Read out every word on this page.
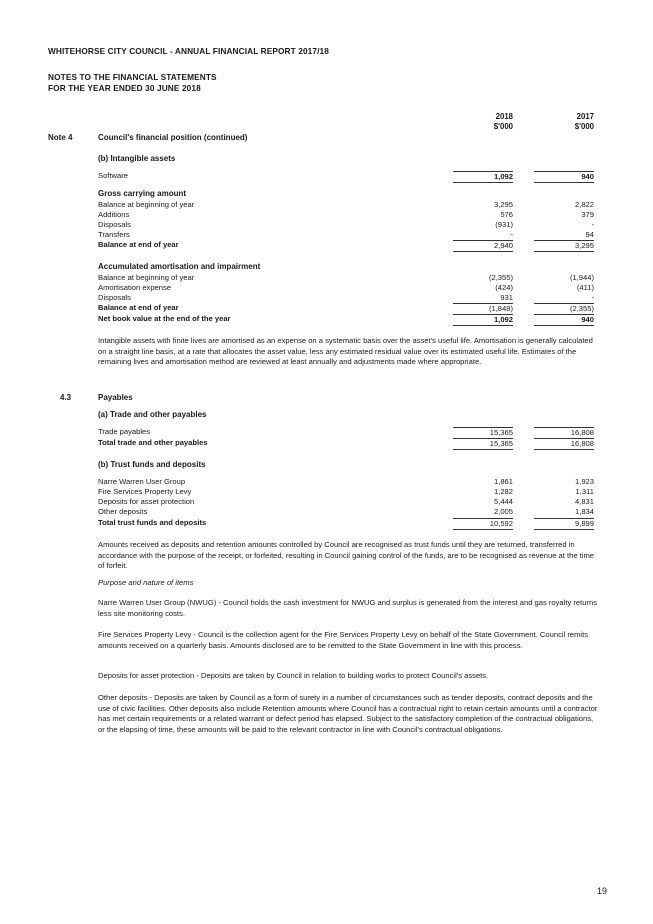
WHITEHORSE CITY COUNCIL - ANNUAL FINANCIAL REPORT 2017/18
NOTES TO THE FINANCIAL STATEMENTS
FOR THE YEAR ENDED 30 JUNE 2018
2018	2017
$'000	$'000
Note 4	Council's financial position (continued)
(b) Intangible assets
Software	1,092	940
Gross carrying amount
Balance at beginning of year	3,295	2,822
Additions	576	379
Disposals	(931)	-
Transfers	-	94
Balance at end of year	2,940	3,295
Accumulated amortisation and impairment
Balance at beginning of year	(2,355)	(1,944)
Amortisation expense	(424)	(411)
Disposals	931	-
Balance at end of year	(1,848)	(2,355)
Net book value at the end of the year	1,092	940
Intangible assets with finite lives are amortised as an expense on a systematic basis over the asset's useful life. Amortisation is generally calculated on a straight line basis, at a rate that allocates the asset value, less any estimated residual value over its estimated useful life. Estimates of the remaining lives and amortisation method are reviewed at least annually and adjustments made where appropriate.
4.3	Payables
(a) Trade and other payables
Trade payables	15,365	16,808
Total trade and other payables	15,365	16,808
(b) Trust funds and deposits
Narre Warren User Group	1,861	1,923
Fire Services Property Levy	1,282	1,311
Deposits for asset protection	5,444	4,831
Other deposits	2,005	1,834
Total trust funds and deposits	10,592	9,899
Amounts received as deposits and retention amounts controlled by Council are recognised as trust funds until they are returned, transferred in accordance with the purpose of the receipt, or forfeited, resulting in Council gaining control of the funds, are to be recognised as revenue at the time of forfeit.
Purpose and nature of items
Narre Warren User Group (NWUG) - Council holds the cash investment for NWUG and surplus is generated from the interest and gas royalty returns less site monitoring costs.
Fire Services Property Levy - Council is the collection agent for the Fire Services Property Levy on behalf of the State Government. Council remits amounts received on a quarterly basis. Amounts disclosed are to be remitted to the State Government in line with this process.
Deposits for asset protection - Deposits are taken by Council in relation to building works to protect Council's assets.
Other deposits - Deposits are taken by Council as a form of surety in a number of circumstances such as tender deposits, contract deposits and the use of civic facilities. Other deposits also include Retention amounts where Council has a contractual right to retain certain amounts until a contractor has met certain requirements or a related warrant or defect period has elapsed. Subject to the satisfactory completion of the contractual obligations, or the elapsing of time, these amounts will be paid to the relevant contractor in line with Council's contractual obligations.
19
